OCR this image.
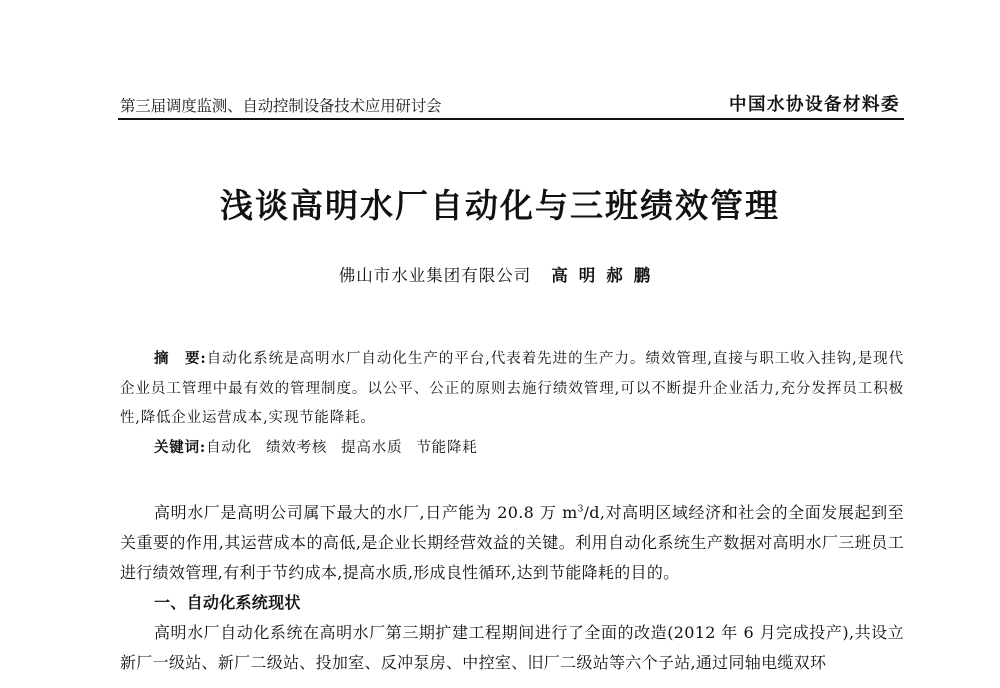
第三届调度监测、自动控制设备技术应用研讨会	中国水协设备材料委
浅谈高明水厂自动化与三班绩效管理
佛山市水业集团有限公司 高明郝鹏
摘　要:自动化系统是高明水厂自动化生产的平台,代表着先进的生产力。绩效管理,直接与职工收入挂钩,是现代企业员工管理中最有效的管理制度。以公平、公正的原则去施行绩效管理,可以不断提升企业活力,充分发挥员工积极性,降低企业运营成本,实现节能降耗。
关键词:自动化 绩效考核 提高水质 节能降耗

高明水厂是高明公司属下最大的水厂,日产能为 20.8 万 $m^3/d$,对高明区域经济和社会的全面发展起到至关重要的作用,其运营成本的高低,是企业长期经营效益的关键。利用自动化系统生产数据对高明水厂三班员工进行绩效管理,有利于节约成本,提高水质,形成良性循环,达到节能降耗的目的。

一、自动化系统现状

高明水厂自动化系统在高明水厂第三期扩建工程期间进行了全面的改造(2012 年 6 月完成投产),共设立新厂一级站、新厂二级站、投加室、反冲泵房、中控室、旧厂二级站等六个子站,通过同轴电缆双环
